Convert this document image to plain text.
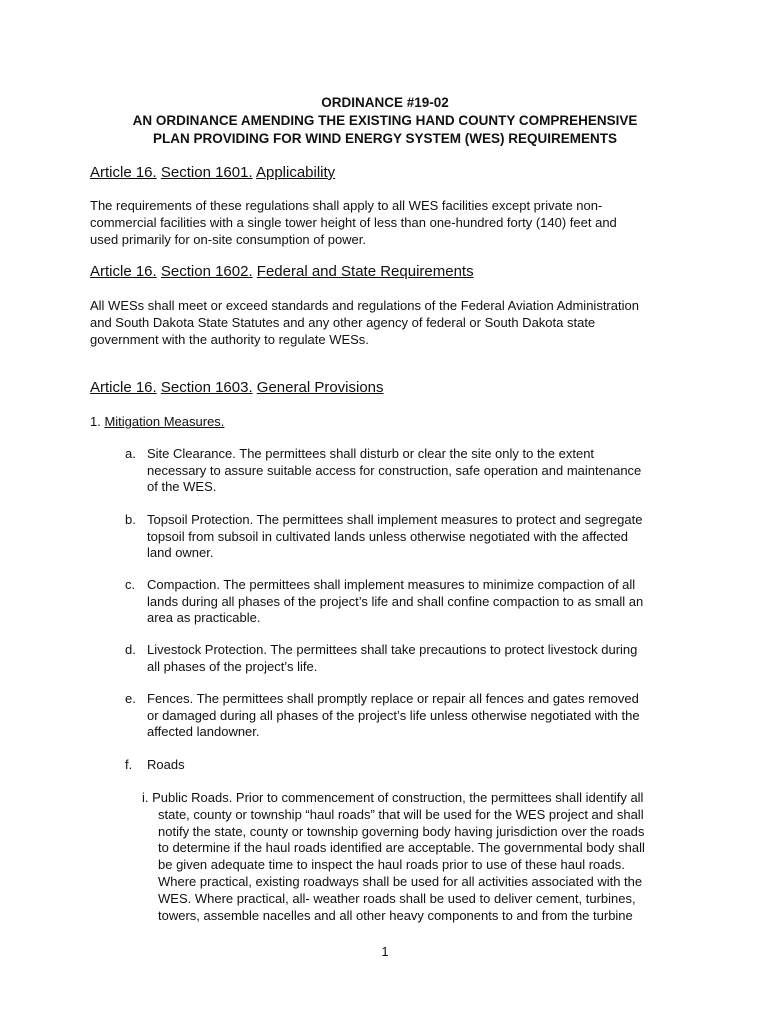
ORDINANCE #19-02
AN ORDINANCE AMENDING THE EXISTING HAND COUNTY COMPREHENSIVE
PLAN PROVIDING FOR WIND ENERGY SYSTEM (WES) REQUIREMENTS
Article 16. Section 1601. Applicability
The requirements of these regulations shall apply to all WES facilities except private non-
commercial facilities with a single tower height of less than one-hundred forty (140) feet and
used primarily for on-site consumption of power.
Article 16. Section 1602. Federal and State Requirements
All WESs shall meet or exceed standards and regulations of the Federal Aviation Administration
and South Dakota State Statutes and any other agency of federal or South Dakota state
government with the authority to regulate WESs.
Article 16. Section 1603. General Provisions
1. Mitigation Measures.
a. Site Clearance. The permittees shall disturb or clear the site only to the extent
necessary to assure suitable access for construction, safe operation and maintenance
of the WES.
b. Topsoil Protection. The permittees shall implement measures to protect and segregate
topsoil from subsoil in cultivated lands unless otherwise negotiated with the affected
land owner.
c. Compaction. The permittees shall implement measures to minimize compaction of all
lands during all phases of the project’s life and shall confine compaction to as small an
area as practicable.
d. Livestock Protection. The permittees shall take precautions to protect livestock during
all phases of the project’s life.
e. Fences. The permittees shall promptly replace or repair all fences and gates removed
or damaged during all phases of the project’s life unless otherwise negotiated with the
affected landowner.
f. Roads
i. Public Roads. Prior to commencement of construction, the permittees shall identify all
state, county or township “haul roads” that will be used for the WES project and shall
notify the state, county or township governing body having jurisdiction over the roads
to determine if the haul roads identified are acceptable. The governmental body shall
be given adequate time to inspect the haul roads prior to use of these haul roads.
Where practical, existing roadways shall be used for all activities associated with the
WES. Where practical, all- weather roads shall be used to deliver cement, turbines,
towers, assemble nacelles and all other heavy components to and from the turbine
1
